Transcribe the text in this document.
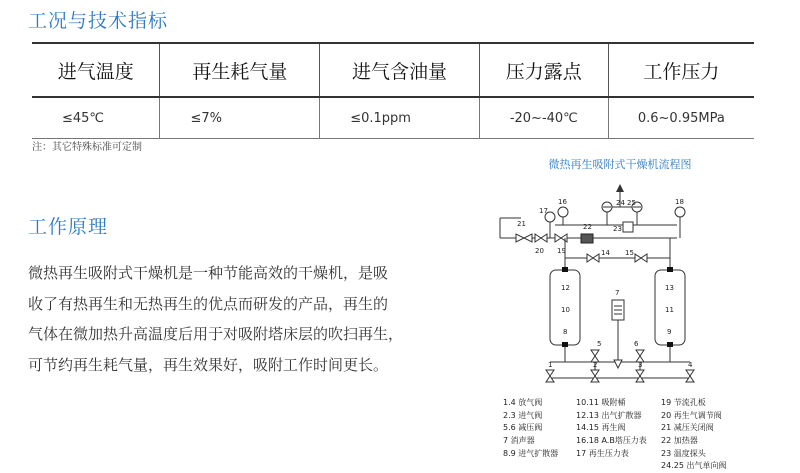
工况与技术指标
进气温度	再生耗气量	进气含油量	压力露点	工作压力
≤45℃	≤7%	≤0.1ppm	-20~-40℃	0.6~0.95MPa
注：其它特殊标准可定制
工作原理

微热再生吸附式干燥机是一种节能高效的干燥机，是吸
收了有热再生和无热再生的优点而研发的产品，再生的
气体在微加热升高温度后用于对吸附塔床层的吹扫再生，
可节约再生耗气量，再生效果好，吸附工作时间更长。

微热再生吸附式干燥机流程图
24 25
16
17
18
21
20 19
22	23
14 15
12
10
8
13
11
9
7
5	6
1	2	3	4
1.4 放气阀
2.3 进气阀
5.6 减压阀
7 消声器
8.9 进气扩散器
10.11 吸附桶
12.13 出气扩散器
14.15 再生阀
16.18 A.B塔压力表
17 再生压力表
19 节流孔板
20 再生气调节阀
21 减压关闭阀
22 加热器
23 温度探头
24.25 出气单向阀
